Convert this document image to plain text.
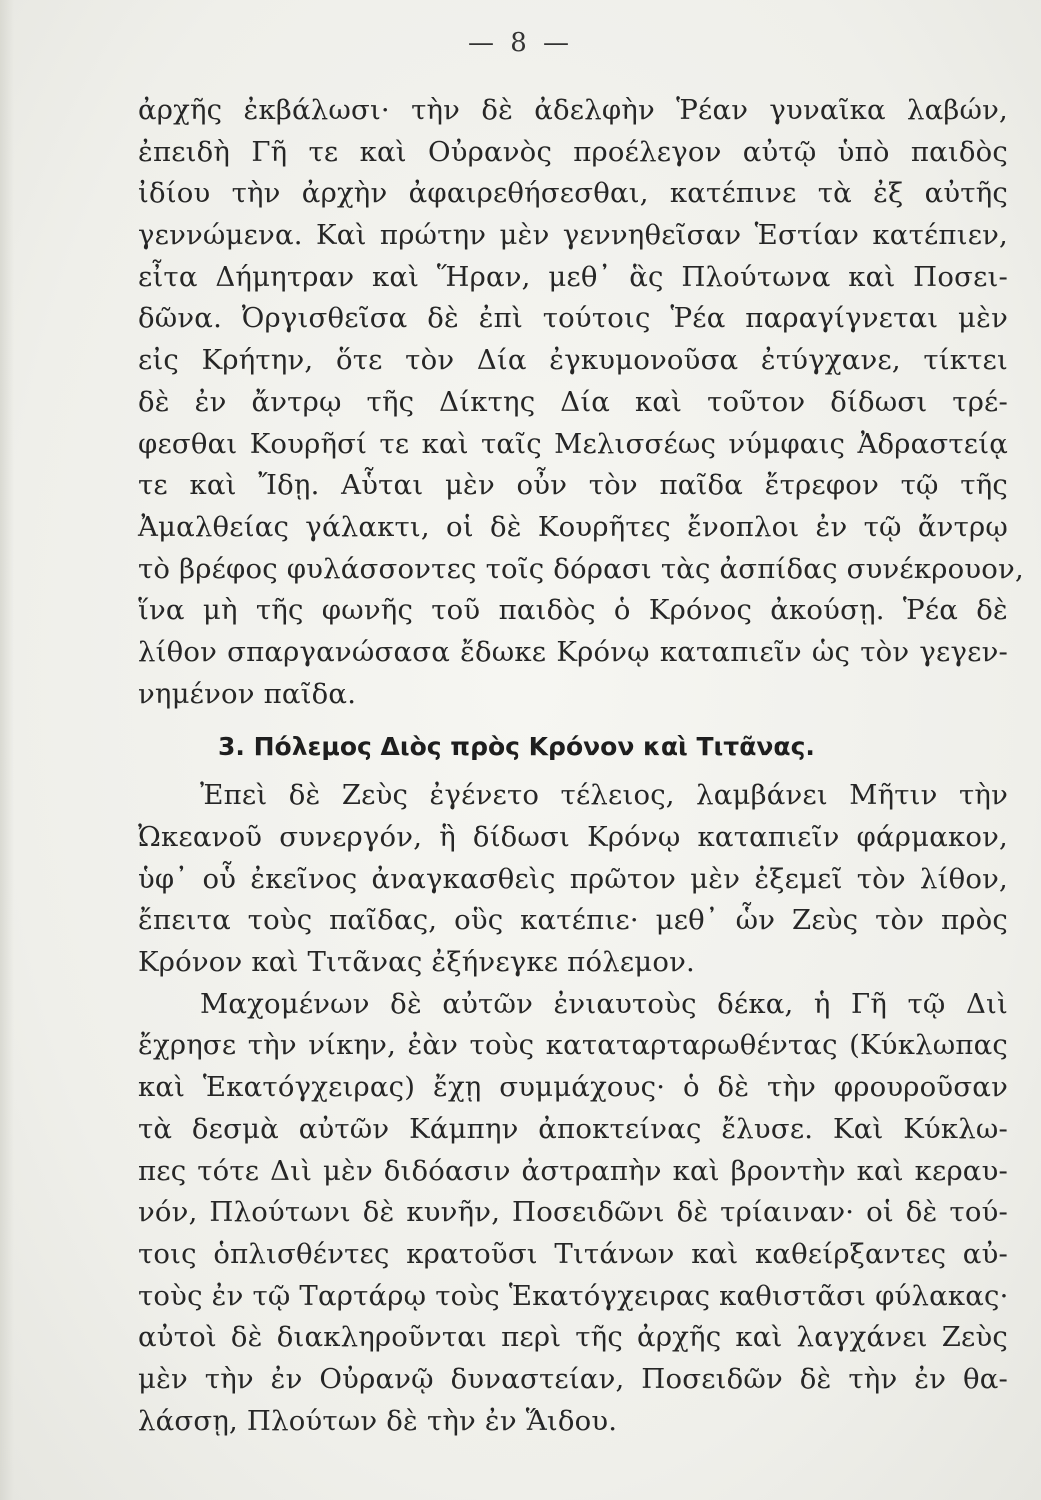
— 8 —
ἀρχῆς ἐκβάλωσι· τὴν δὲ ἀδελφὴν Ῥέαν γυναῖκα λαβών,
ἐπειδὴ Γῆ τε καὶ Οὐρανὸς προέλεγον αὐτῷ ὑπὸ παιδὸς
ἰδίου τὴν ἀρχὴν ἀφαιρεθήσεσθαι, κατέπινε τὰ ἐξ αὐτῆς
γεννώμενα. Καὶ πρώτην μὲν γεννηθεῖσαν Ἑστίαν κατέπιεν,
εἶτα Δήμητραν καὶ Ἥραν, μεθ᾿ ἃς Πλούτωνα καὶ Ποσει-
δῶνα. Ὀργισθεῖσα δὲ ἐπὶ τούτοις Ῥέα παραγίγνεται μὲν
εἰς Κρήτην, ὅτε τὸν Δία ἐγκυμονοῦσα ἐτύγχανε, τίκτει
δὲ ἐν ἄντρῳ τῆς Δίκτης Δία καὶ τοῦτον δίδωσι τρέ-
φεσθαι Κουρῆσί τε καὶ ταῖς Μελισσέως νύμφαις Ἀδραστείᾳ
τε καὶ Ἴδῃ. Αὗται μὲν οὖν τὸν παῖδα ἔτρεφον τῷ τῆς
Ἀμαλθείας γάλακτι, οἱ δὲ Κουρῆτες ἔνοπλοι ἐν τῷ ἄντρῳ
τὸ βρέφος φυλάσσοντες τοῖς δόρασι τὰς ἀσπίδας συνέκρουον,
ἵνα μὴ τῆς φωνῆς τοῦ παιδὸς ὁ Κρόνος ἀκούσῃ. Ῥέα δὲ
λίθον σπαργανώσασα ἔδωκε Κρόνῳ καταπιεῖν ὡς τὸν γεγεν-
νημένον παῖδα.
3. Πόλεμος Διὸς πρὸς Κρόνον καὶ Τιτᾶνας.
Ἐπεὶ δὲ Ζεὺς ἐγένετο τέλειος, λαμβάνει Μῆτιν τὴν
Ὠκεανοῦ συνεργόν, ἣ δίδωσι Κρόνῳ καταπιεῖν φάρμακον,
ὑφ᾿ οὗ ἐκεῖνος ἀναγκασθεὶς πρῶτον μὲν ἐξεμεῖ τὸν λίθον,
ἔπειτα τοὺς παῖδας, οὓς κατέπιε· μεθ᾿ ὧν Ζεὺς τὸν πρὸς
Κρόνον καὶ Τιτᾶνας ἐξήνεγκε πόλεμον.
Μαχομένων δὲ αὐτῶν ἐνιαυτοὺς δέκα, ἡ Γῆ τῷ Διὶ
ἔχρησε τὴν νίκην, ἐὰν τοὺς καταταρταρωθέντας (Κύκλωπας
καὶ Ἑκατόγχειρας) ἔχῃ συμμάχους· ὁ δὲ τὴν φρουροῦσαν
τὰ δεσμὰ αὐτῶν Κάμπην ἀποκτείνας ἔλυσε. Καὶ Κύκλω-
πες τότε Διὶ μὲν διδόασιν ἀστραπὴν καὶ βροντὴν καὶ κεραυ-
νόν, Πλούτωνι δὲ κυνῆν, Ποσειδῶνι δὲ τρίαιναν· οἱ δὲ τού-
τοις ὁπλισθέντες κρατοῦσι Τιτάνων καὶ καθείρξαντες αὐ-
τοὺς ἐν τῷ Ταρτάρῳ τοὺς Ἑκατόγχειρας καθιστᾶσι φύλακας·
αὐτοὶ δὲ διακληροῦνται περὶ τῆς ἀρχῆς καὶ λαγχάνει Ζεὺς
μὲν τὴν ἐν Οὐρανῷ δυναστείαν, Ποσειδῶν δὲ τὴν ἐν θα-
λάσσῃ, Πλούτων δὲ τὴν ἐν Ἅιδου.
